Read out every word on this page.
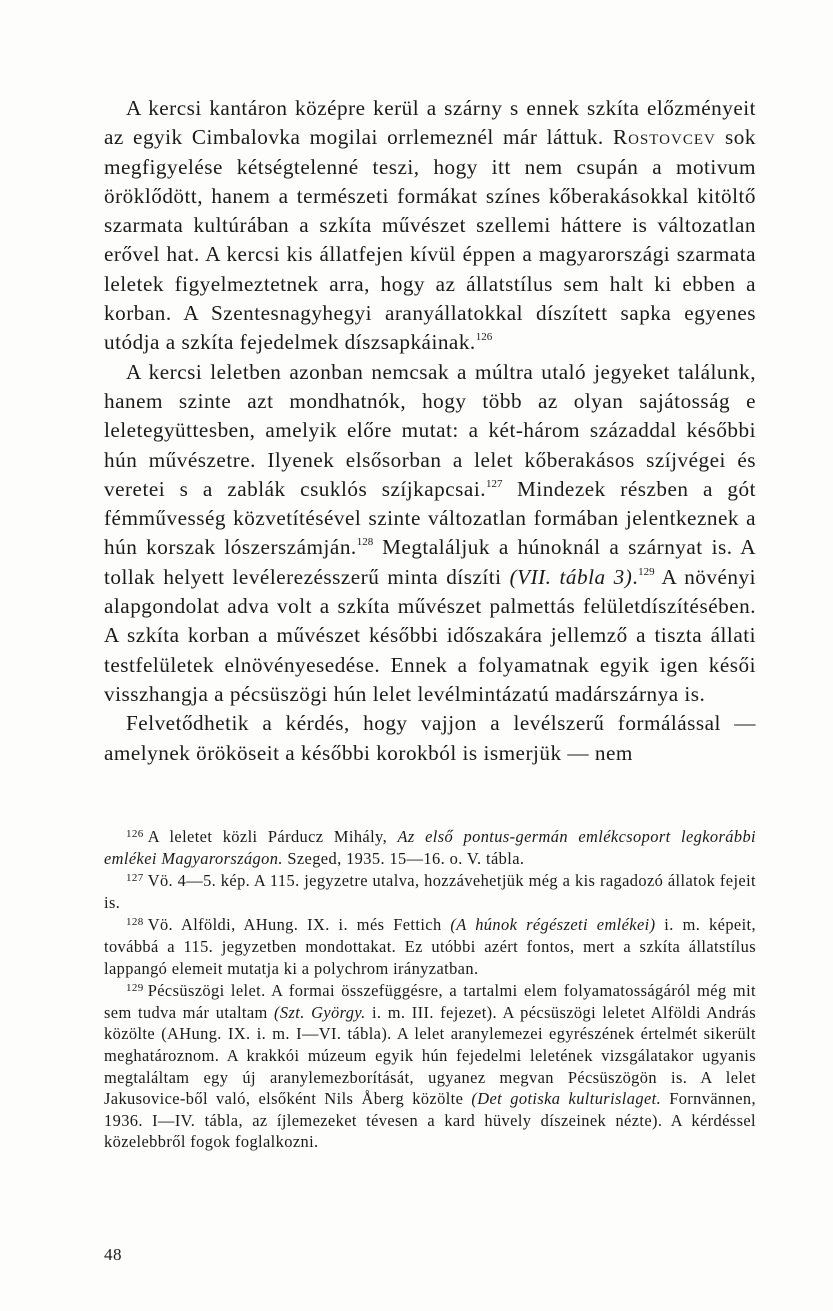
A kercsi kantáron középre kerül a szárny s ennek szkíta előzményeit az egyik Cimbalovka mogilai orrlemeznél már láttuk. Rostovcev sok megfigyelése kétségtelenné teszi, hogy itt nem csupán a motivum öröklődött, hanem a természeti formákat színes kőberakásokkal kitöltő szarmata kultúrában a szkíta művészet szellemi háttere is változatlan erővel hat. A kercsi kis állatfejen kívül éppen a magyarországi szarmata leletek figyelmeztetnek arra, hogy az állatstílus sem halt ki ebben a korban. A Szentesnagyhegyi aranyállatokkal díszített sapka egyenes utódja a szkíta fejedelmek díszsapkáinak.$^{126}$

A kercsi leletben azonban nemcsak a múltra utaló jegyeket találunk, hanem szinte azt mondhatnók, hogy több az olyan sajátosság e leletegyüttesben, amelyik előre mutat: a két-három századdal későbbi hún művészetre. Ilyenek elsősorban a lelet kőberakásos szíjvégei és veretei s a zablák csuklós szíjkapcsai.$^{127}$ Mindezek részben a gót fémművesség közvetítésével szinte változatlan formában jelentkeznek a hún korszak lószerszámján.$^{128}$ Megtaláljuk a húnoknál a szárnyat is. A tollak helyett levélerezésszerű minta díszíti (VII. tábla 3).$^{129}$ A növényi alapgondolat adva volt a szkíta művészet palmettás felületdíszítésében. A szkíta korban a művészet későbbi időszakára jellemző a tiszta állati testfelületek elnövényesedése. Ennek a folyamatnak egyik igen késői visszhangja a pécsüszögi hún lelet levélmintázatú madárszárnya is.

Felvetődhetik a kérdés, hogy vajjon a levélszerű formálással — amelynek örököseit a későbbi korokból is ismerjük — nem

$^{126}$ A leletet közli Párducz Mihály, Az első pontus-germán emlékcsoport legkorábbi emlékei Magyarországon. Szeged, 1935. 15—16. o. V. tábla.

$^{127}$ Vö. 4—5. kép. A 115. jegyzetre utalva, hozzávehetjük még a kis ragadozó állatok fejeit is.

$^{128}$ Vö. Alföldi, AHung. IX. i. més Fettich (A húnok régészeti emlékei) i. m. képeit, továbbá a 115. jegyzetben mondottakat. Ez utóbbi azért fontos, mert a szkíta állatstílus lappangó elemeit mutatja ki a polychrom irányzatban.

$^{129}$ Pécsüszögi lelet. A formai összefüggésre, a tartalmi elem folyamatosságáról még mit sem tudva már utaltam (Szt. György. i. m. III. fejezet). A pécsüszögi leletet Alföldi András közölte (AHung. IX. i. m. I—VI. tábla). A lelet aranylemezei egyrészének értelmét sikerült meghatároznom. A krakkói múzeum egyik hún fejedelmi leletének vizsgálatakor ugyanis megtaláltam egy új aranylemezborítását, ugyanez megvan Pécsüszögön is. A lelet Jakusovice-ből való, elsőként Nils Åberg közölte (Det gotiska kulturislaget. Fornvännen, 1936. I—IV. tábla, az íjlemezeket tévesen a kard hüvely díszeinek nézte). A kérdéssel közelebbről fogok foglalkozni.

48
